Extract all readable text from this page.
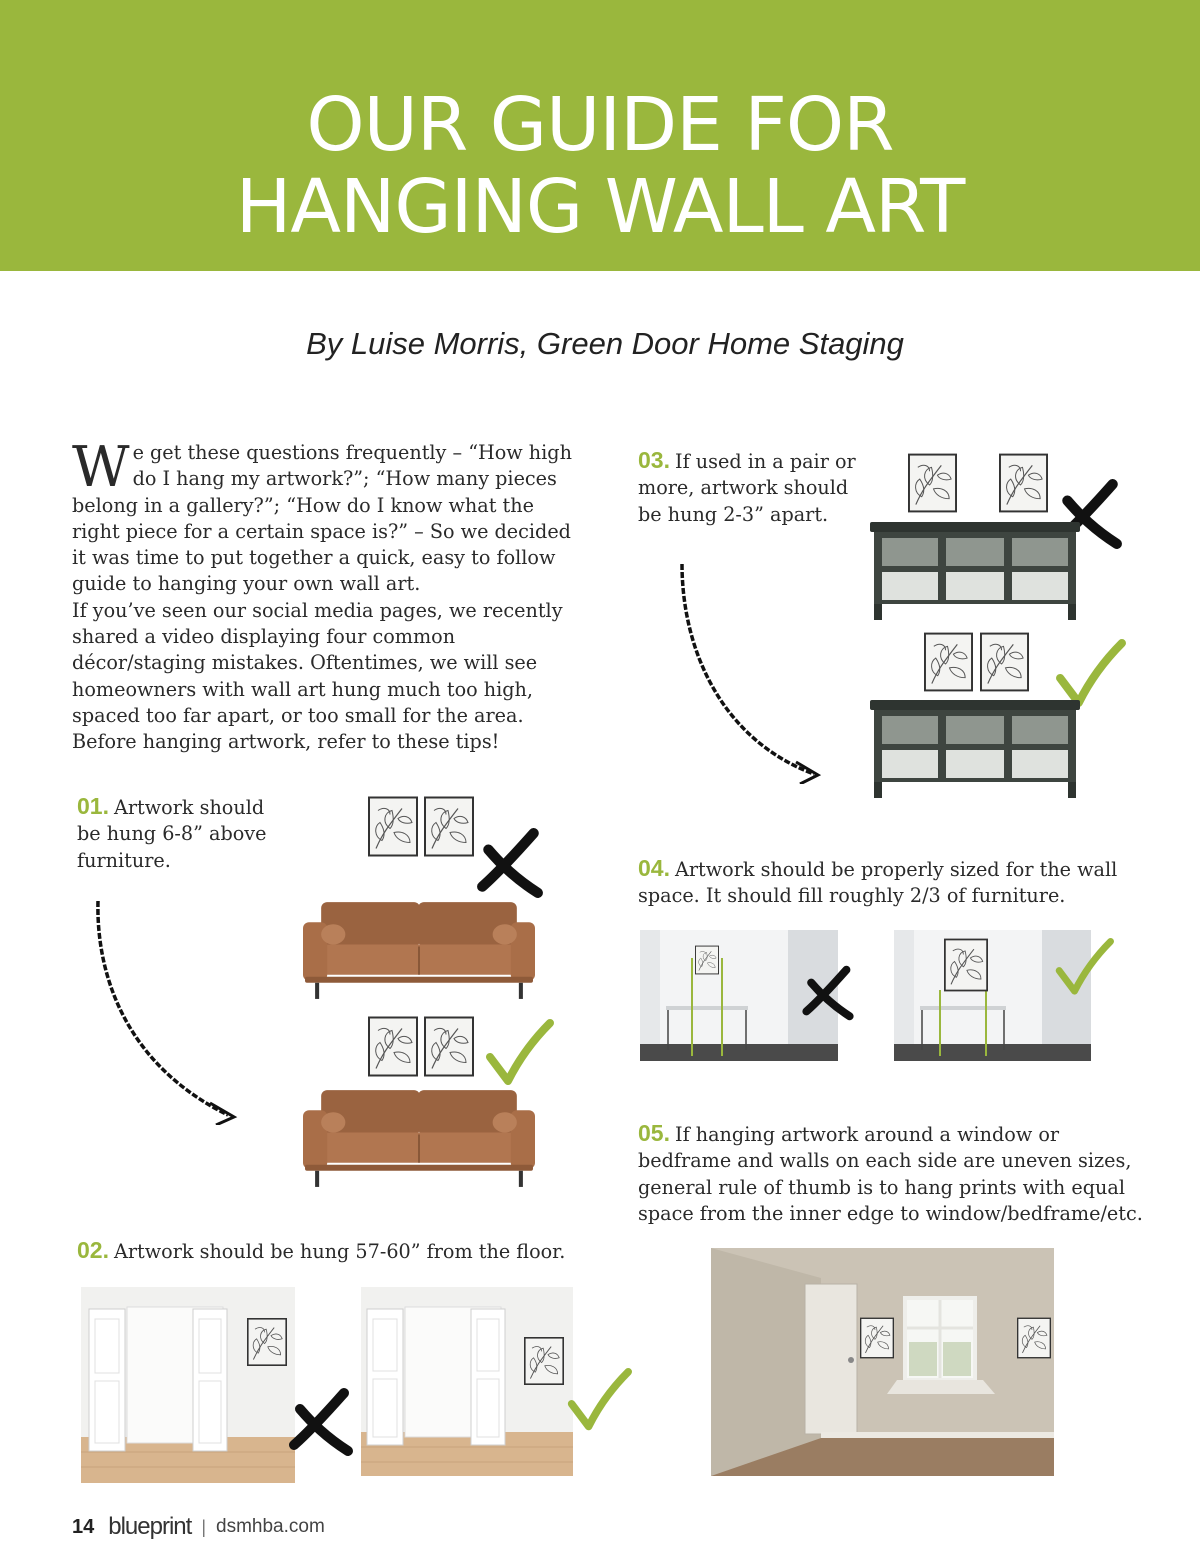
OUR GUIDE FOR
HANGING WALL ART
By Luise Morris, Green Door Home Staging

We get these questions frequently – “How high do I hang my artwork?”; “How many pieces belong in a gallery?”; “How do I know what the right piece for a certain space is?” – So we decided it was time to put together a quick, easy to follow guide to hanging your own wall art.

If you’ve seen our social media pages, we recently shared a video displaying four common décor/staging mistakes. Oftentimes, we will see homeowners with wall art hung much too high, spaced too far apart, or too small for the area. Before hanging artwork, refer to these tips!

01. Artwork should be hung 6-8” above furniture.
02. Artwork should be hung 57-60” from the floor.
03. If used in a pair or more, artwork should be hung 2-3” apart.
04. Artwork should be properly sized for the wall space. It should fill roughly 2/3 of furniture.
05. If hanging artwork around a window or bedframe and walls on each side are uneven sizes, general rule of thumb is to hang prints with equal space from the inner edge to window/bedframe/etc.
14 blueprint | dsmhba.com
